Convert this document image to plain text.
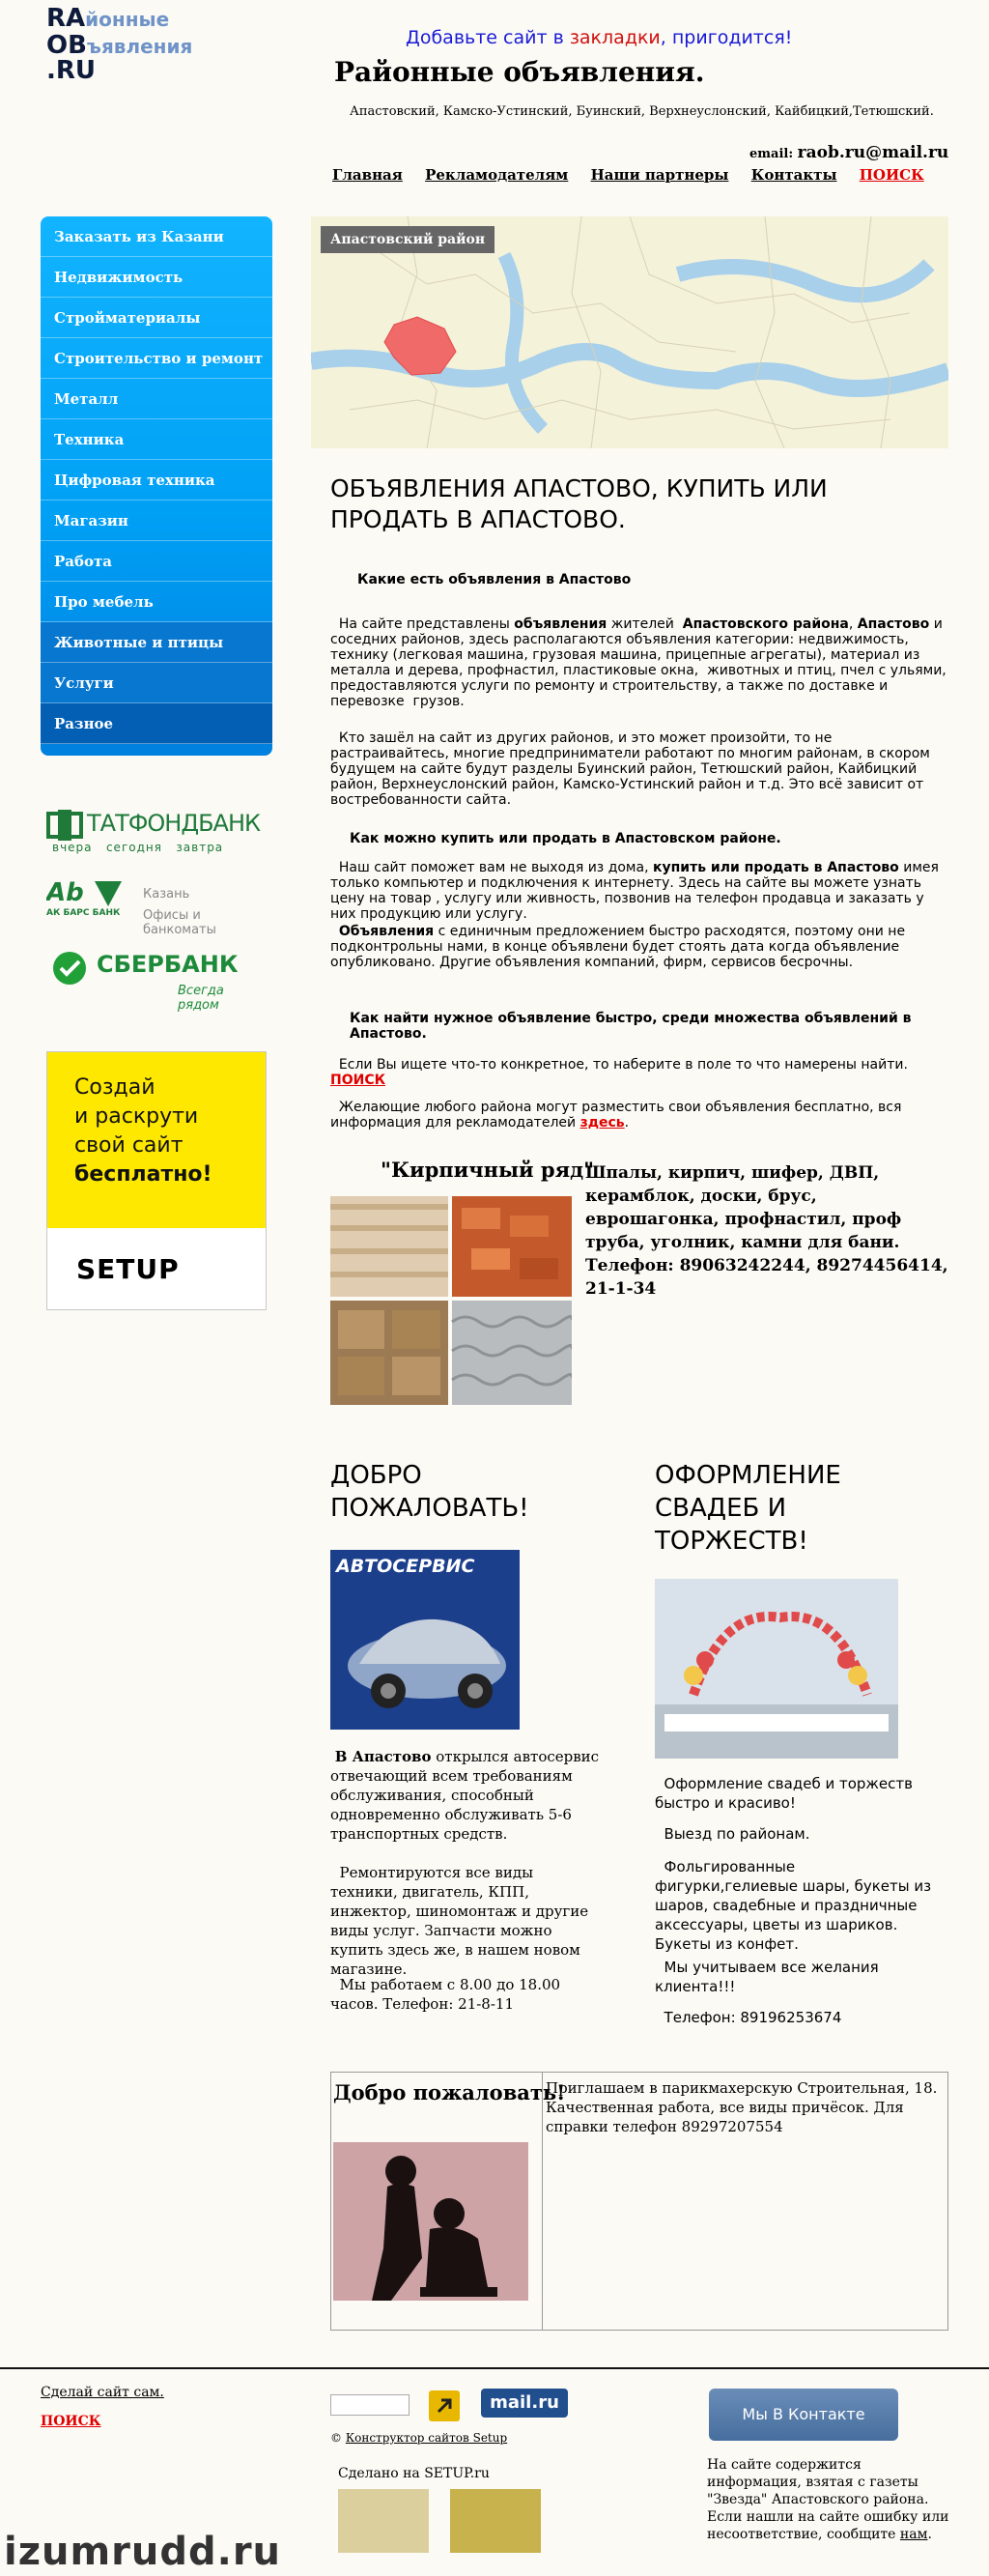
RAйонные
OBъявления
.RU
Добавьте сайт в закладки, пригодится!
Районные объявления.
Апастовский, Камско-Устинский, Буинский, Верхнеуслонский, Кайбицкий,Тетюшский.
email: raob.ru@mail.ru
Главная Рекламодателям Наши партнеры Контакты ПОИСК
Заказать из Казани
Недвижимость
Стройматериалы
Строительство и ремонт
Металл
Техника
Цифровая техника
Магазин
Работа
Про мебель
Животные и птицы
Услуги
Разное
ТАТФОНДБАНК
вчера   сегодня   завтра
Ab
АК БАРС БАНК
Казань
Офисы и банкоматы
СБЕРБАНК
Всегда рядом
Создай
и раскрути
свой сайт
бесплатно!
SETUP
Апастовский район
ОБЪЯВЛЕНИЯ АПАСТОВО, КУПИТЬ ИЛИ ПРОДАТЬ В АПАСТОВО.
Какие есть объявления в Апастово
На сайте представлены объявления жителей  Апастовского района, Апастово и соседних районов, здесь располагаются объявления категории: недвижимость, технику (легковая машина, грузовая машина, прицепные агрегаты), материал из металла и дерева, профнастил, пластиковые окна,  животных и птиц, пчел с ульями, предоставляются услуги по ремонту и строительству, а также по доставке и перевозке  грузов.
Кто зашёл на сайт из других районов, и это может произойти, то не растраивайтесь, многие предприниматели работают по многим районам, в скором будущем на сайте будут разделы Буинский район, Тетюшский район, Кайбицкий район, Верхнеуслонский район, Камско-Устинский район и т.д. Это всё зависит от востребованности сайта.
Как можно купить или продать в Апастовском районе.
Наш сайт поможет вам не выходя из дома, купить или продать в Апастово имея только компьютер и подключения к интернету. Здесь на сайте вы можете узнать цену на товар , услугу или живность, позвонив на телефон продавца и заказать у них продукцию или услугу.
Объявления с единичным предложением быстро расходятся, поэтому они не подконтрольны нами, в конце объявлени будет стоять дата когда объявление опубликовано. Другие объявления компаний, фирм, сервисов бесрочны.
Как найти нужное объявление быстро, среди множества объявлений в Апастово.
Если Вы ищете что-то конкретное, то наберите в поле то что намерены найти.  ПОИСК
Желающие любого района могут разместить свои объявления бесплатно, вся информация для рекламодателей здесь.
"Кирпичный ряд"
Шпалы, кирпич, шифер, ДВП, керамблок, доски, брус, еврошагонка, профнастил, проф труба, уголник, камни для бани. Телефон: 89063242244, 89274456414, 21-1-34
ДОБРО ПОЖАЛОВАТЬ!
АВТОСЕРВИС
В Апастово открылся автосервис отвечающий всем требованиям обслуживания, способный одновременно обслуживать 5-6 транспортных средств.
Ремонтируются все виды техники, двигатель, КПП, инжектор, шиномонтаж и другие виды услуг. Запчасти можно купить здесь же, в нашем новом магазине.
Мы работаем с 8.00 до 18.00 часов. Телефон: 21-8-11
ОФОРМЛЕНИЕ СВАДЕБ И ТОРЖЕСТВ!
Оформление свадеб и торжеств быстро и красиво!
Выезд по районам.
Фольгированные фигурки,гелиевые шары, букеты из шаров, свадебные и праздничные аксессуары, цветы из шариков. Букеты из конфет.
Мы учитываем все желания клиента!!!
Телефон: 89196253674
Добро пожаловать!
Приглашаем в парикмахерскую Строительная, 18. Качественная работа, все виды причёсок. Для справки телефон 89297207554
Сделай сайт сам.
ПОИСК
mail.ru
© Конструктор сайтов Setup
Сделано на SETUP.ru
Мы В Контакте
На сайте содержится информация, взятая с газеты "Звезда" Апастовского района.
Если нашли на сайте ошибку или несоответствие, сообщите нам.
izumrudd.ru
